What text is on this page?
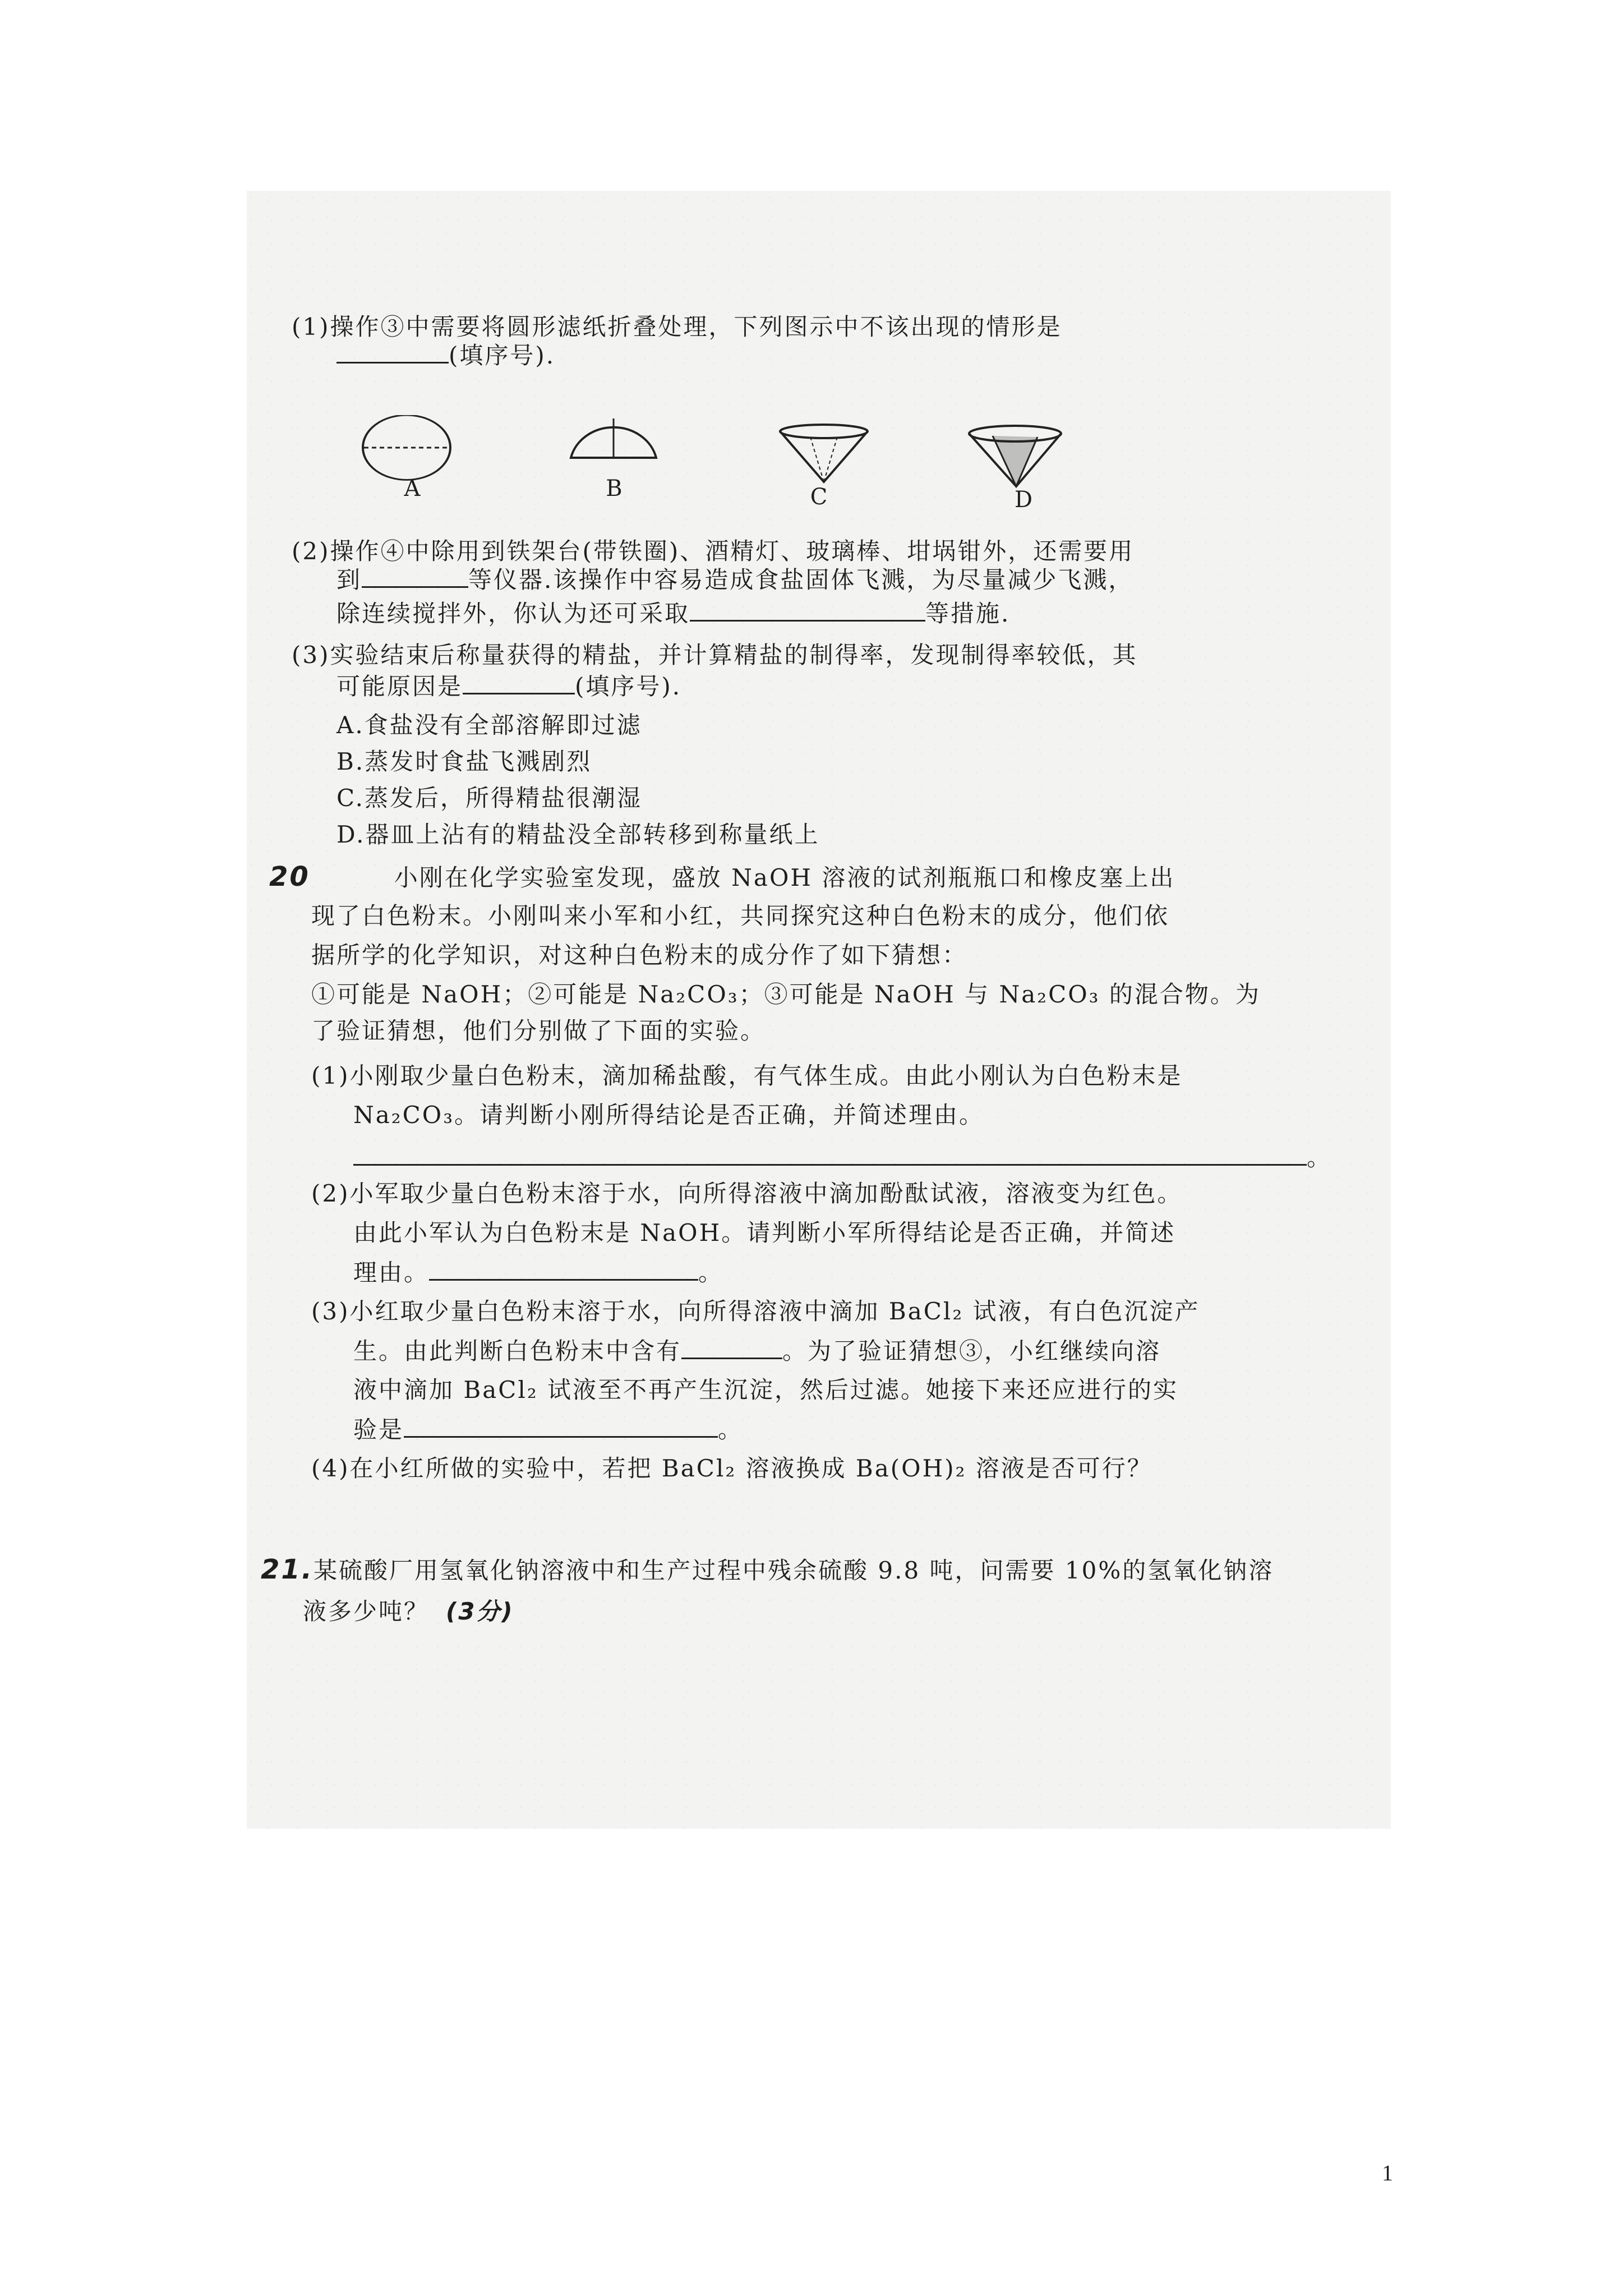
(1)操作③中需要将圆形滤纸折叠处理，下列图示中不该出现的情形是
(填序号).
A	B	C	D
(2)操作④中除用到铁架台(带铁圈)、酒精灯、玻璃棒、坩埚钳外，还需要用
到	等仪器.该操作中容易造成食盐固体飞溅，为尽量减少飞溅，
除连续搅拌外，你认为还可采取	等措施.
(3)实验结束后称量获得的精盐，并计算精盐的制得率，发现制得率较低，其
可能原因是	(填序号).
A.食盐没有全部溶解即过滤
B.蒸发时食盐飞溅剧烈
C.蒸发后，所得精盐很潮湿
D.器皿上沾有的精盐没全部转移到称量纸上
20	小刚在化学实验室发现，盛放 NaOH 溶液的试剂瓶瓶口和橡皮塞上出
现了白色粉末。小刚叫来小军和小红，共同探究这种白色粉末的成分，他们依
据所学的化学知识，对这种白色粉末的成分作了如下猜想：
①可能是 NaOH；②可能是 Na₂CO₃；③可能是 NaOH 与 Na₂CO₃ 的混合物。为
了验证猜想，他们分别做了下面的实验。
(1)小刚取少量白色粉末，滴加稀盐酸，有气体生成。由此小刚认为白色粉末是
Na₂CO₃。请判断小刚所得结论是否正确，并简述理由。
。
(2)小军取少量白色粉末溶于水，向所得溶液中滴加酚酞试液，溶液变为红色。
由此小军认为白色粉末是 NaOH。请判断小军所得结论是否正确，并简述
理由。	。
(3)小红取少量白色粉末溶于水，向所得溶液中滴加 BaCl₂ 试液，有白色沉淀产
生。由此判断白色粉末中含有	。为了验证猜想③，小红继续向溶
液中滴加 BaCl₂ 试液至不再产生沉淀，然后过滤。她接下来还应进行的实
验是	。
(4)在小红所做的实验中，若把 BaCl₂ 溶液换成 Ba(OH)₂ 溶液是否可行？
21.某硫酸厂用氢氧化钠溶液中和生产过程中残余硫酸 9.8 吨，问需要 10%的氢氧化钠溶
液多少吨？ (3分)
1
